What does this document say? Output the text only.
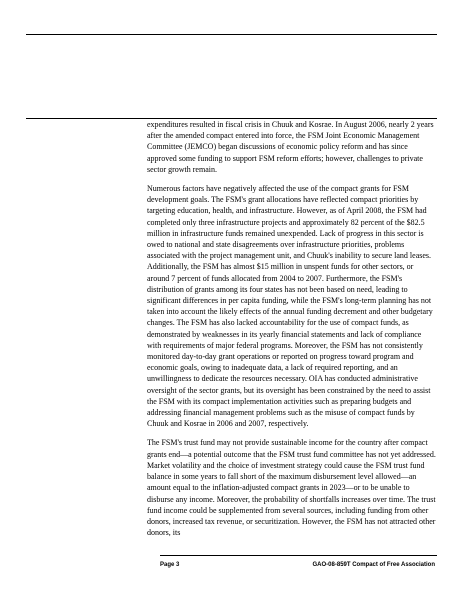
expenditures resulted in fiscal crisis in Chuuk and Kosrae. In August 2006, nearly 2 years after the amended compact entered into force, the FSM Joint Economic Management Committee (JEMCO) began discussions of economic policy reform and has since approved some funding to support FSM reform efforts; however, challenges to private sector growth remain.

Numerous factors have negatively affected the use of the compact grants for FSM development goals. The FSM's grant allocations have reflected compact priorities by targeting education, health, and infrastructure. However, as of April 2008, the FSM had completed only three infrastructure projects and approximately 82 percent of the $82.5 million in infrastructure funds remained unexpended. Lack of progress in this sector is owed to national and state disagreements over infrastructure priorities, problems associated with the project management unit, and Chuuk's inability to secure land leases. Additionally, the FSM has almost $15 million in unspent funds for other sectors, or around 7 percent of funds allocated from 2004 to 2007. Furthermore, the FSM's distribution of grants among its four states has not been based on need, leading to significant differences in per capita funding, while the FSM's long-term planning has not taken into account the likely effects of the annual funding decrement and other budgetary changes. The FSM has also lacked accountability for the use of compact funds, as demonstrated by weaknesses in its yearly financial statements and lack of compliance with requirements of major federal programs. Moreover, the FSM has not consistently monitored day-to-day grant operations or reported on progress toward program and economic goals, owing to inadequate data, a lack of required reporting, and an unwillingness to dedicate the resources necessary. OIA has conducted administrative oversight of the sector grants, but its oversight has been constrained by the need to assist the FSM with its compact implementation activities such as preparing budgets and addressing financial management problems such as the misuse of compact funds by Chuuk and Kosrae in 2006 and 2007, respectively.

The FSM's trust fund may not provide sustainable income for the country after compact grants end—a potential outcome that the FSM trust fund committee has not yet addressed. Market volatility and the choice of investment strategy could cause the FSM trust fund balance in some years to fall short of the maximum disbursement level allowed—an amount equal to the inflation-adjusted compact grants in 2023—or to be unable to disburse any income. Moreover, the probability of shortfalls increases over time. The trust fund income could be supplemented from several sources, including funding from other donors, increased tax revenue, or securitization. However, the FSM has not attracted other donors, its

Page 3	GAO-08-859T Compact of Free Association
